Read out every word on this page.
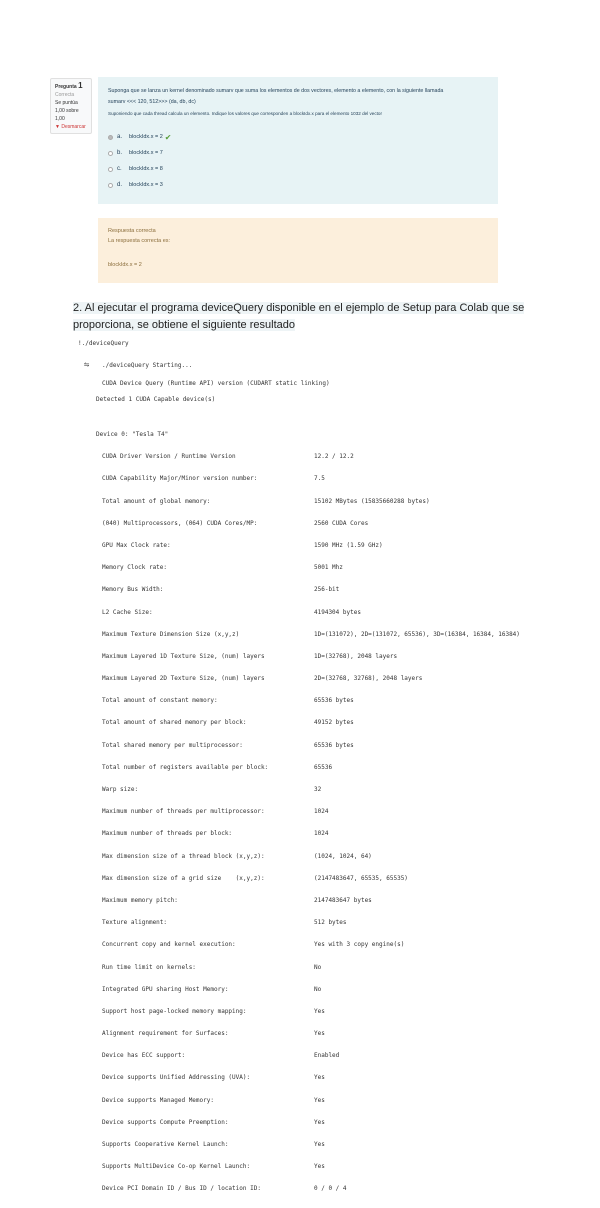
Pregunta 1
Correcta
Se puntúa 1,00 sobre 1,00
▼ Desmarcar
Suponga que se lanza un kernel denominado sumarv que suma los elementos de dos vectores, elemento a elemento, con la siguiente llamada
sumarv <<< 120, 512>>> (da, db, dc)
Suponiendo que cada thread calcula un elemento. Indique los valores que corresponden a blockIdx.x para el elemento 1032 del vector
a.	blockIdx.x = 2 ✔
b.	blockIdx.x = 7
c.	blockIdx.x = 8
d.	blockIdx.x = 3
Respuesta correcta
La respuesta correcta es:
blockIdx.x = 2
2. Al ejecutar el programa deviceQuery disponible en el ejemplo de Setup para Colab que se proporciona, se obtiene el siguiente resultado

!./deviceQuery

⇋

./deviceQuery Starting...

CUDA Device Query (Runtime API) version (CUDART static linking)

Detected 1 CUDA Capable device(s)

Device 0: "Tesla T4"

CUDA Driver Version / Runtime Version	12.2 / 12.2

CUDA Capability Major/Minor version number:	7.5

Total amount of global memory:	15102 MBytes (15835660288 bytes)

(040) Multiprocessors, (064) CUDA Cores/MP:	2560 CUDA Cores

GPU Max Clock rate:	1590 MHz (1.59 GHz)

Memory Clock rate:	5001 Mhz

Memory Bus Width:	256-bit

L2 Cache Size:	4194304 bytes

Maximum Texture Dimension Size (x,y,z)	1D=(131072), 2D=(131072, 65536), 3D=(16384, 16384, 16384)

Maximum Layered 1D Texture Size, (num) layers	1D=(32768), 2048 layers

Maximum Layered 2D Texture Size, (num) layers	2D=(32768, 32768), 2048 layers

Total amount of constant memory:	65536 bytes

Total amount of shared memory per block:	49152 bytes

Total shared memory per multiprocessor:	65536 bytes

Total number of registers available per block:	65536

Warp size:	32

Maximum number of threads per multiprocessor:	1024

Maximum number of threads per block:	1024

Max dimension size of a thread block (x,y,z):	(1024, 1024, 64)

Max dimension size of a grid size    (x,y,z):	(2147483647, 65535, 65535)

Maximum memory pitch:	2147483647 bytes

Texture alignment:	512 bytes

Concurrent copy and kernel execution:	Yes with 3 copy engine(s)

Run time limit on kernels:	No

Integrated GPU sharing Host Memory:	No

Support host page-locked memory mapping:	Yes

Alignment requirement for Surfaces:	Yes

Device has ECC support:	Enabled

Device supports Unified Addressing (UVA):	Yes

Device supports Managed Memory:	Yes

Device supports Compute Preemption:	Yes

Supports Cooperative Kernel Launch:	Yes

Supports MultiDevice Co-op Kernel Launch:	Yes

Device PCI Domain ID / Bus ID / location ID:	0 / 0 / 4
